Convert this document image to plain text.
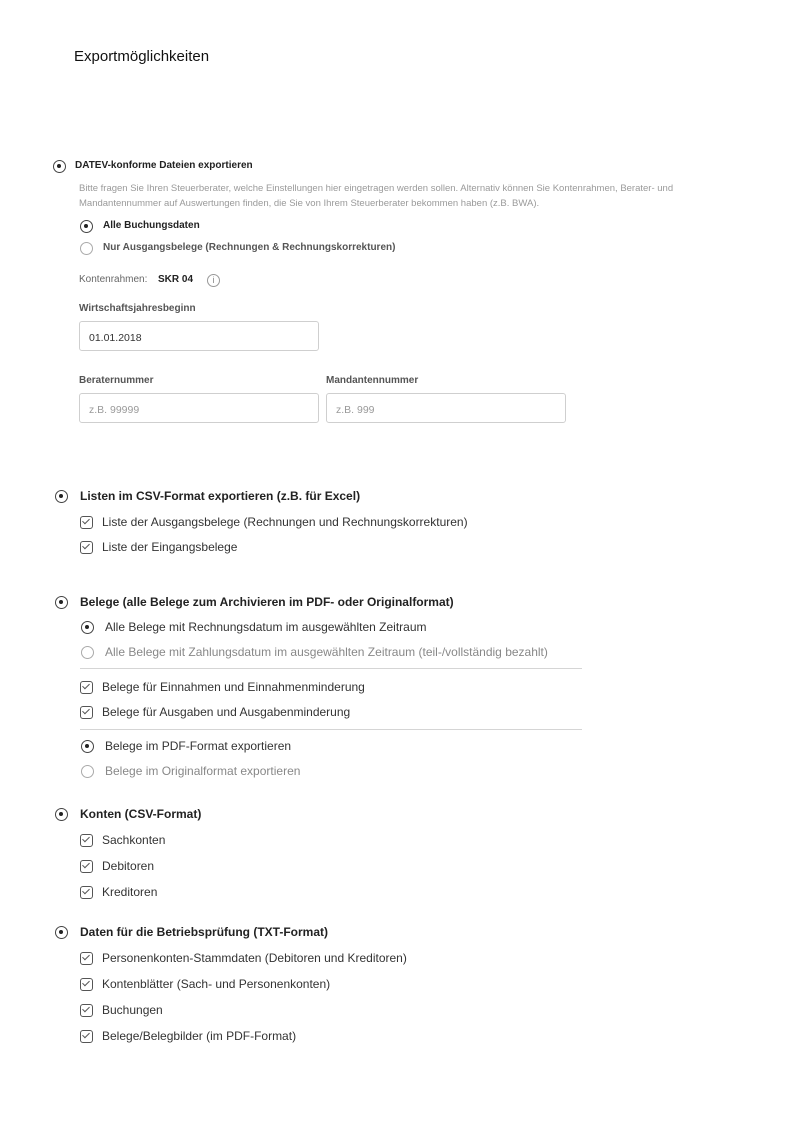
Exportmöglichkeiten
DATEV-konforme Dateien exportieren
Bitte fragen Sie Ihren Steuerberater, welche Einstellungen hier eingetragen werden sollen. Alternativ können Sie Kontenrahmen, Berater- und
Mandantennummer auf Auswertungen finden, die Sie von Ihrem Steuerberater bekommen haben (z.B. BWA).
Alle Buchungsdaten
Nur Ausgangsbelege (Rechnungen & Rechnungskorrekturen)
Kontenrahmen: SKR 04	i
Wirtschaftsjahresbeginn
01.01.2018
Beraternummer
z.B. 99999
Mandantennummer
z.B. 999
Listen im CSV-Format exportieren (z.B. für Excel)
Liste der Ausgangsbelege (Rechnungen und Rechnungskorrekturen)
Liste der Eingangsbelege
Belege (alle Belege zum Archivieren im PDF- oder Originalformat)
Alle Belege mit Rechnungsdatum im ausgewählten Zeitraum
Alle Belege mit Zahlungsdatum im ausgewählten Zeitraum (teil-/vollständig bezahlt)
Belege für Einnahmen und Einnahmenminderung
Belege für Ausgaben und Ausgabenminderung
Belege im PDF-Format exportieren
Belege im Originalformat exportieren
Konten (CSV-Format)
Sachkonten
Debitoren
Kreditoren
Daten für die Betriebsprüfung (TXT-Format)
Personenkonten-Stammdaten (Debitoren und Kreditoren)
Kontenblätter (Sach- und Personenkonten)
Buchungen
Belege/Belegbilder (im PDF-Format)
